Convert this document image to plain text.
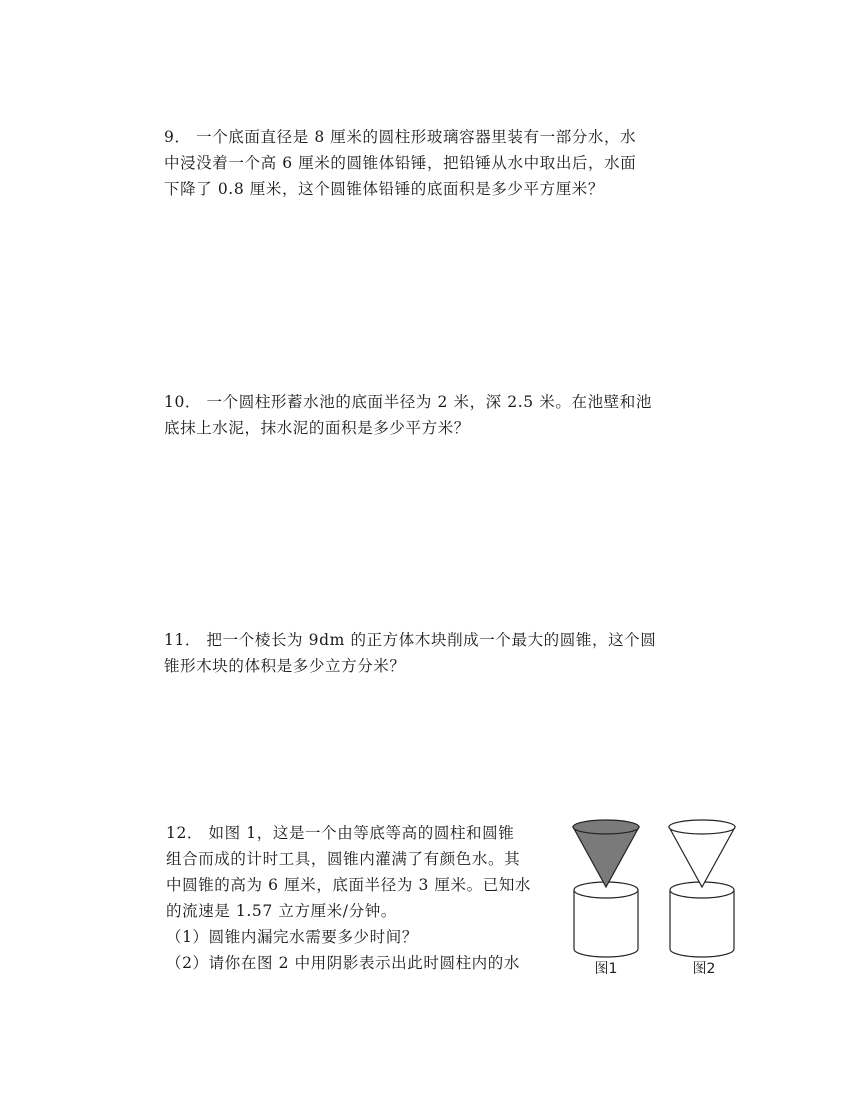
9． 一个底面直径是 8 厘米的圆柱形玻璃容器里装有一部分水，水

中浸没着一个高 6 厘米的圆锥体铅锤，把铅锤从水中取出后，水面

下降了 0.8 厘米，这个圆锥体铅锤的底面积是多少平方厘米？

10． 一个圆柱形蓄水池的底面半径为 2 米，深 2.5 米。在池壁和池

底抹上水泥，抹水泥的面积是多少平方米？

11． 把一个棱长为 9dm 的正方体木块削成一个最大的圆锥，这个圆

锥形木块的体积是多少立方分米？

12． 如图 1，这是一个由等底等高的圆柱和圆锥

组合而成的计时工具，圆锥内灌满了有颜色水。其

中圆锥的高为 6 厘米，底面半径为 3 厘米。已知水

的流速是 1.57 立方厘米/分钟。

（1）圆锥内漏完水需要多少时间？

（2）请你在图 2 中用阴影表示出此时圆柱内的水	图1	图2
